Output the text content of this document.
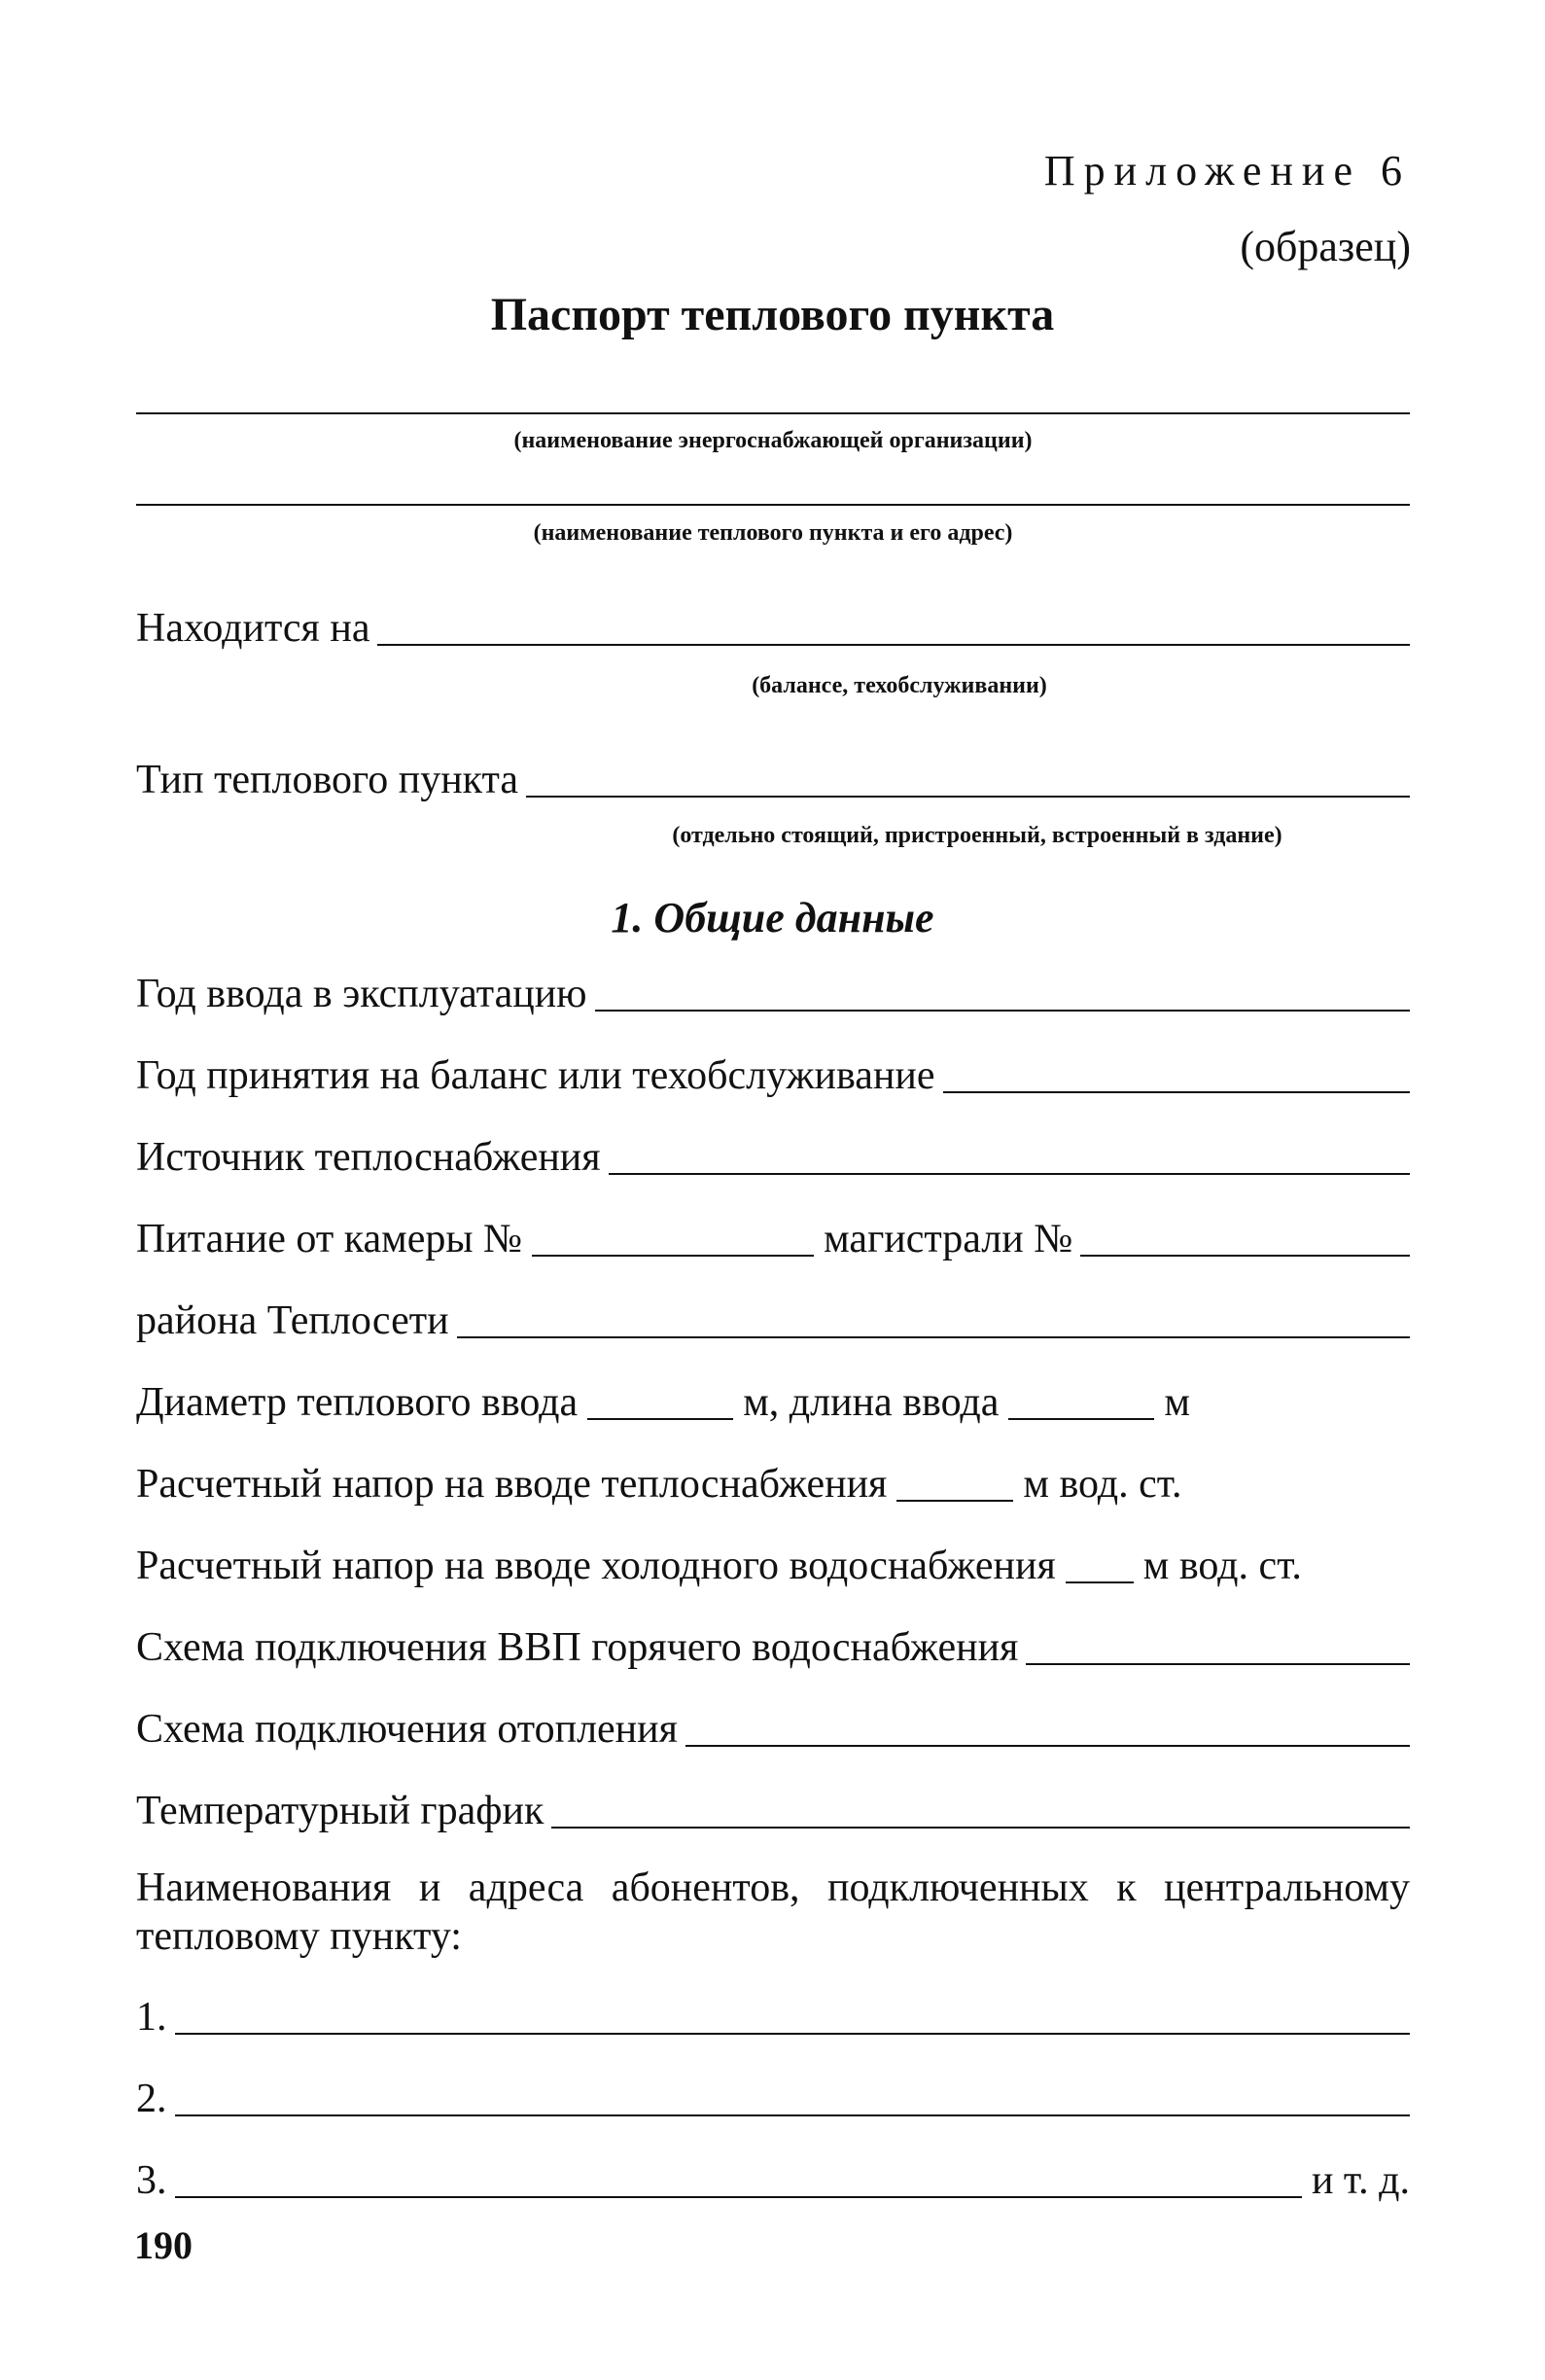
Приложение 6
(образец)
Паспорт теплового пункта
(наименование энергоснабжающей организации)
(наименование теплового пункта и его адрес)
Находится на
(балансе, техобслуживании)
Тип теплового пункта
(отдельно стоящий, пристроенный, встроенный в здание)
1. Общие данные
Год ввода в эксплуатацию
Год принятия на баланс или техобслуживание
Источник теплоснабжения
Питание от камеры №	магистрали №
района Теплосети
Диаметр теплового ввода	м, длина ввода	м
Расчетный напор на вводе теплоснабжения	м вод. ст.
Расчетный напор на вводе холодного водоснабжения м вод. ст.
Схема подключения ВВП горячего водоснабжения
Схема подключения отопления
Температурный график
Наименования и адреса абонентов, подключенных к центральному тепловому пункту:
1.
2.
3.	и т. д.
190
